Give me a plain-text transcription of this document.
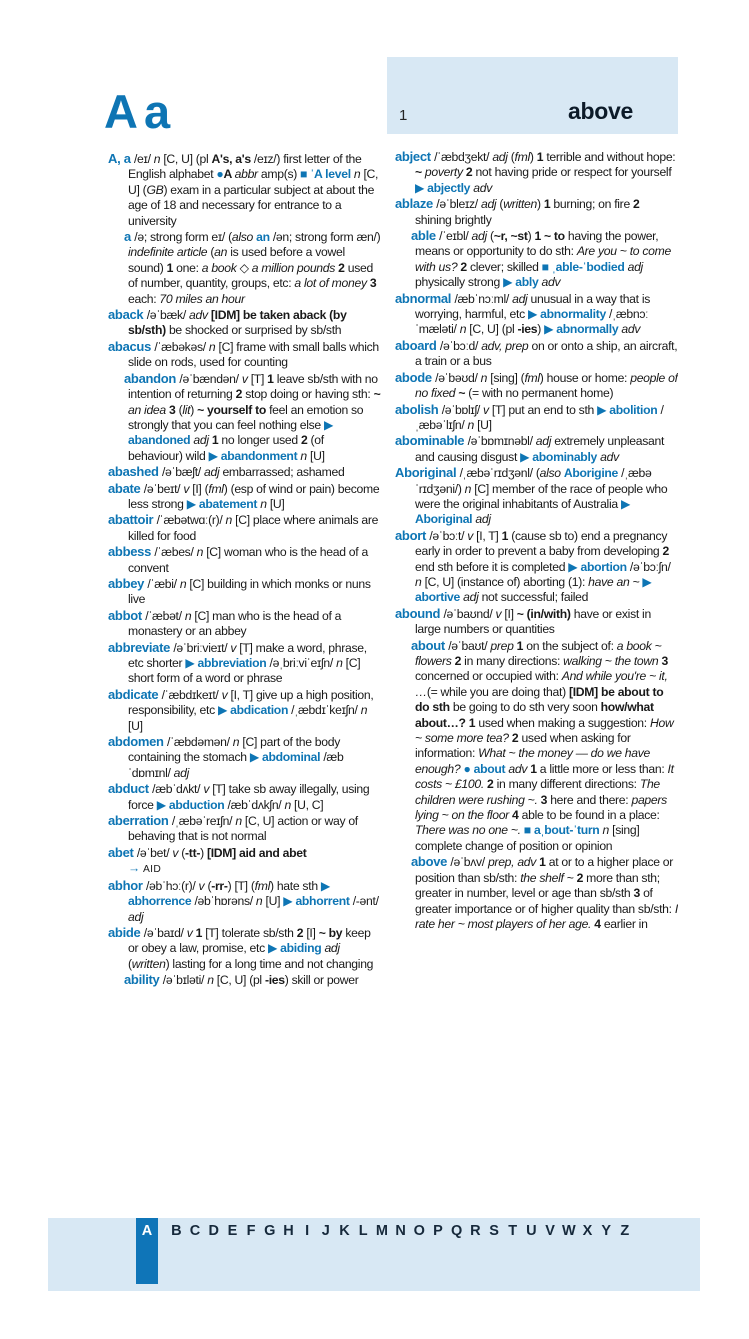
Aa

A, a /eɪ/ n [C, U] (pl A's, a's /eɪz/) first letter of the English alphabet ●A abbr amp(s) ■ ˈA level n [C, U] (GB) exam in a particular subject at about the age of 18 and necessary for entrance to a university

a /ə; strong form eɪ/ (also an /ən; strong form æn/) indefinite article (an is used before a vowel sound) 1 one: a book ◇ a million pounds 2 used of number, quantity, groups, etc: a lot of money 3 each: 70 miles an hour

aback /əˈbæk/ adv [IDM] be taken aback (by sb/sth) be shocked or surprised by sb/sth

abacus /ˈæbəkəs/ n [C] frame with small balls which slide on rods, used for counting

abandon /əˈbændən/ v [T] 1 leave sb/sth with no intention of returning 2 stop doing or having sth: ~ an idea 3 (lit) ~ yourself to feel an emotion so strongly that you can feel nothing else ▶ abandoned adj 1 no longer used 2 (of behaviour) wild ▶ abandonment n [U]

abashed /əˈbæʃt/ adj embarrassed; ashamed

abate /əˈbeɪt/ v [I] (fml) (esp of wind or pain) become less strong ▶ abatement n [U]

abattoir /ˈæbətwɑː(r)/ n [C] place where animals are killed for food

abbess /ˈæbes/ n [C] woman who is the head of a convent

abbey /ˈæbi/ n [C] building in which monks or nuns live

abbot /ˈæbət/ n [C] man who is the head of a monastery or an abbey

abbreviate /əˈbriːvieɪt/ v [T] make a word, phrase, etc shorter ▶ abbreviation /əˌbriːviˈeɪʃn/ n [C] short form of a word or phrase

abdicate /ˈæbdɪkeɪt/ v [I, T] give up a high position, responsibility, etc ▶ abdication /ˌæbdɪˈkeɪʃn/ n [U]

abdomen /ˈæbdəmən/ n [C] part of the body containing the stomach ▶ abdominal /æbˈdɒmɪnl/ adj

abduct /æbˈdʌkt/ v [T] take sb away illegally, using force ▶ abduction /æbˈdʌkʃn/ n [U, C]

aberration /ˌæbəˈreɪʃn/ n [C, U] action or way of behaving that is not normal

abet /əˈbet/ v (-tt-) [IDM] aid and abet
→ AID

abhor /əbˈhɔː(r)/ v (-rr-) [T] (fml) hate sth ▶ abhorrence /əbˈhɒrəns/ n [U] ▶ abhorrent /-ənt/ adj

abide /əˈbaɪd/ v 1 [T] tolerate sb/sth 2 [I] ~ by keep or obey a law, promise, etc ▶ abiding adj (written) lasting for a long time and not changing

ability /əˈbɪləti/ n [C, U] (pl -ies) skill or power

1	above

abject /ˈæbdʒekt/ adj (fml) 1 terrible and without hope: ~ poverty 2 not having pride or respect for yourself ▶ abjectly adv

ablaze /əˈbleɪz/ adj (written) 1 burning; on fire 2 shining brightly

able /ˈeɪbl/ adj (~r, ~st) 1 ~ to having the power, means or opportunity to do sth: Are you ~ to come with us? 2 clever; skilled ■ ˌable-ˈbodied adj physically strong ▶ ably adv

abnormal /æbˈnɔːml/ adj unusual in a way that is worrying, harmful, etc ▶ abnormality /ˌæbnɔːˈmæləti/ n [C, U] (pl -ies) ▶ abnormally adv

aboard /əˈbɔːd/ adv, prep on or onto a ship, an aircraft, a train or a bus

abode /əˈbəʊd/ n [sing] (fml) house or home: people of no fixed ~ (= with no permanent home)

abolish /əˈbɒlɪʃ/ v [T] put an end to sth ▶ abolition /ˌæbəˈlɪʃn/ n [U]

abominable /əˈbɒmɪnəbl/ adj extremely unpleasant and causing disgust ▶ abominably adv

Aboriginal /ˌæbəˈrɪdʒənl/ (also Aborigine /ˌæbəˈrɪdʒəni/) n [C] member of the race of people who were the original inhabitants of Australia ▶ Aboriginal adj

abort /əˈbɔːt/ v [I, T] 1 (cause sb to) end a pregnancy early in order to prevent a baby from developing 2 end sth before it is completed ▶ abortion /əˈbɔːʃn/ n [C, U] (instance of) aborting (1): have an ~ ▶ abortive adj not successful; failed

abound /əˈbaʊnd/ v [I] ~ (in/with) have or exist in large numbers or quantities

about /əˈbaʊt/ prep 1 on the subject of: a book ~ flowers 2 in many directions: walking ~ the town 3 concerned or occupied with: And while you're ~ it, …(= while you are doing that) [IDM] be about to do sth be going to do sth very soon how/what about…? 1 used when making a suggestion: How ~ some more tea? 2 used when asking for information: What ~ the money — do we have enough? ● about adv 1 a little more or less than: It costs ~ £100. 2 in many different directions: The children were rushing ~. 3 here and there: papers lying ~ on the floor 4 able to be found in a place: There was no one ~. ■ aˌbout-ˈturn n [sing] complete change of position or opinion

above /əˈbʌv/ prep, adv 1 at or to a higher place or position than sb/sth: the shelf ~ 2 more than sth; greater in number, level or age than sb/sth 3 of greater importance or of higher quality than sb/sth: I rate her ~ most players of her age. 4 earlier in

A	B C D E F G H I J K L M N O P Q R S T U V W X Y Z
